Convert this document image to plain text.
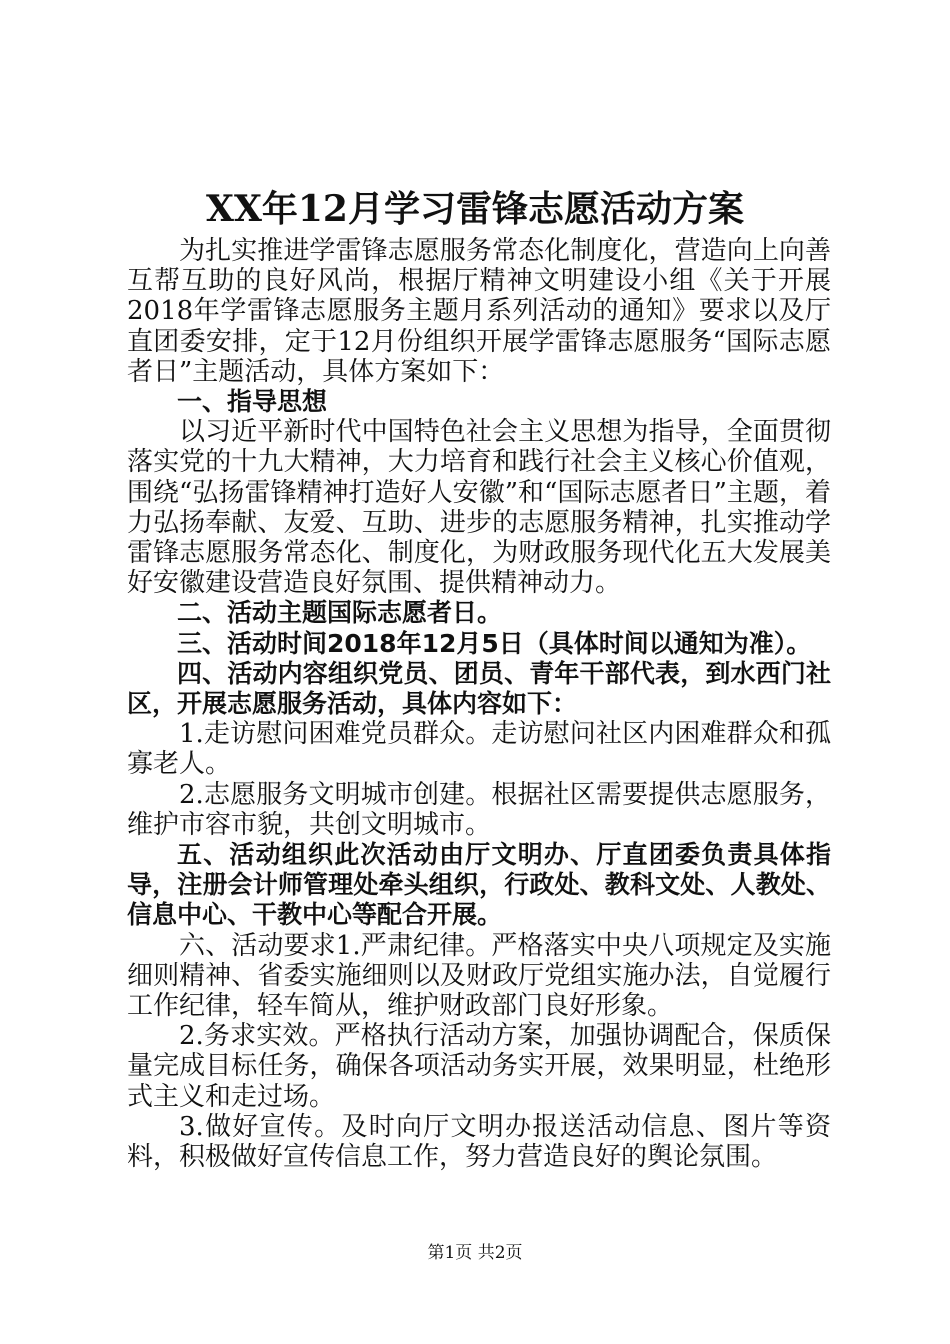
XX年12月学习雷锋志愿活动方案

为扎实推进学雷锋志愿服务常态化制度化，营造向上向善互帮互助的良好风尚，根据厅精神文明建设小组《关于开展2018年学雷锋志愿服务主题月系列活动的通知》要求以及厅直团委安排，定于12月份组织开展学雷锋志愿服务“国际志愿者日”主题活动，具体方案如下：

一、指导思想

以习近平新时代中国特色社会主义思想为指导，全面贯彻落实党的十九大精神，大力培育和践行社会主义核心价值观，围绕“弘扬雷锋精神打造好人安徽”和“国际志愿者日”主题，着力弘扬奉献、友爱、互助、进步的志愿服务精神，扎实推动学雷锋志愿服务常态化、制度化，为财政服务现代化五大发展美好安徽建设营造良好氛围、提供精神动力。

二、活动主题国际志愿者日。

三、活动时间2018年12月5日（具体时间以通知为准）。

四、活动内容组织党员、团员、青年干部代表，到水西门社区，开展志愿服务活动，具体内容如下：

1.走访慰问困难党员群众。走访慰问社区内困难群众和孤寡老人。

2.志愿服务文明城市创建。根据社区需要提供志愿服务，维护市容市貌，共创文明城市。

五、活动组织此次活动由厅文明办、厅直团委负责具体指导，注册会计师管理处牵头组织，行政处、教科文处、人教处、信息中心、干教中心等配合开展。

六、活动要求1.严肃纪律。严格落实中央八项规定及实施细则精神、省委实施细则以及财政厅党组实施办法，自觉履行工作纪律，轻车简从，维护财政部门良好形象。

2.务求实效。严格执行活动方案，加强协调配合，保质保量完成目标任务，确保各项活动务实开展，效果明显，杜绝形式主义和走过场。

3.做好宣传。及时向厅文明办报送活动信息、图片等资料，积极做好宣传信息工作，努力营造良好的舆论氛围。

第1页 共2页
